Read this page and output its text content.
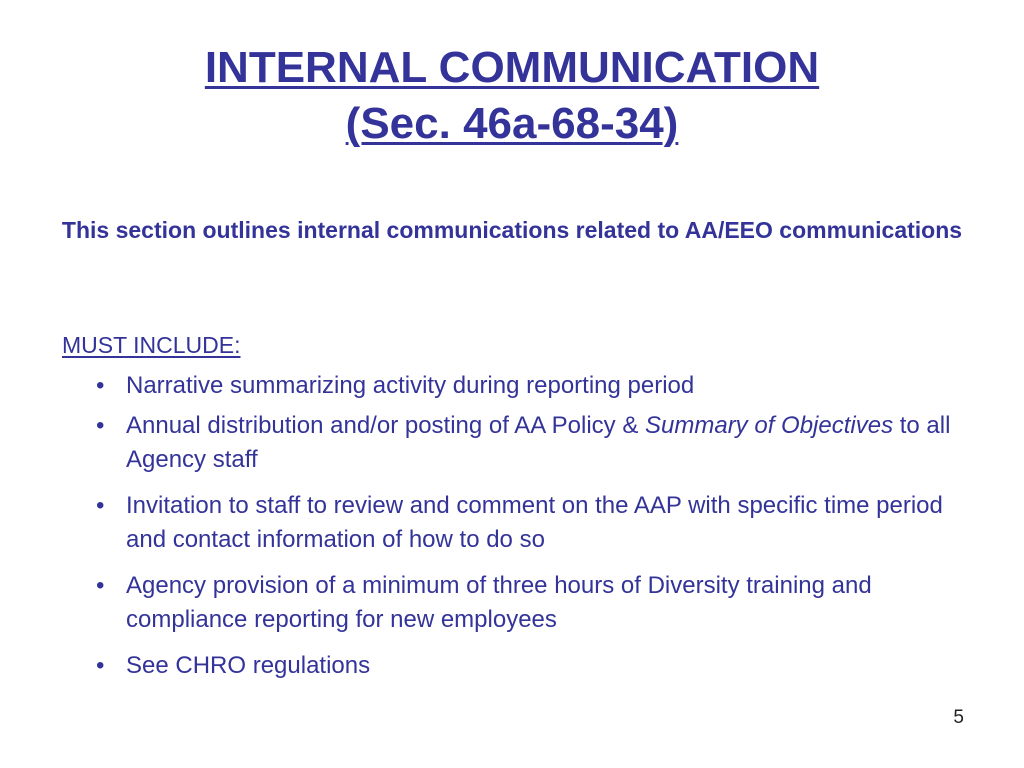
INTERNAL COMMUNICATION
(Sec. 46a-68-34)
This section outlines internal communications related to AA/EEO communications
MUST INCLUDE:
• Narrative summarizing activity during reporting period
• Annual distribution and/or posting of AA Policy & Summary of Objectives to all Agency staff
• Invitation to staff to review and comment on the AAP with specific time period and contact information of how to do so
• Agency provision of a minimum of three hours of Diversity training and compliance reporting for new employees
• See CHRO regulations
5
